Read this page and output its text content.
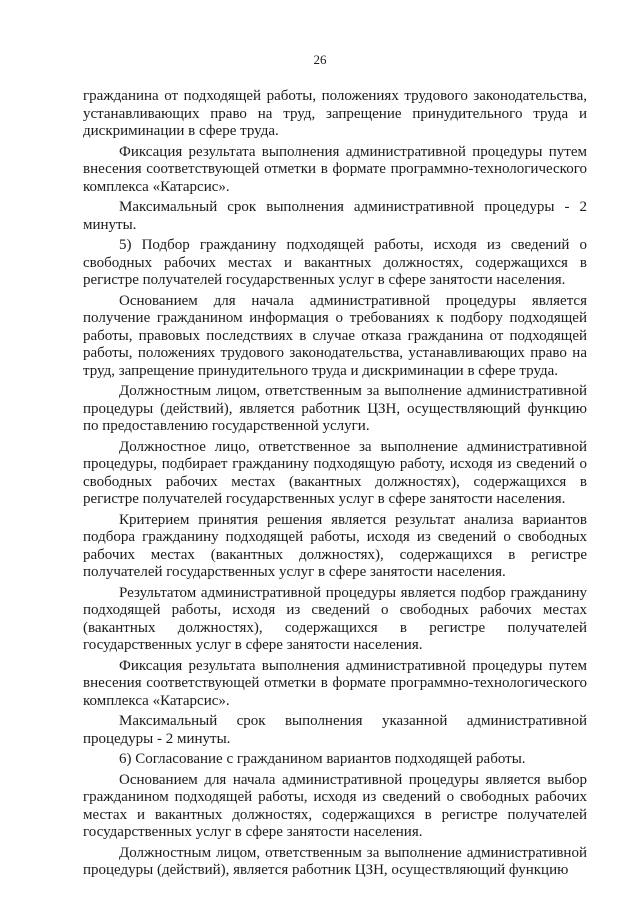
26

гражданина от подходящей работы, положениях трудового законодательства, устанавливающих право на труд, запрещение принудительного труда и дискриминации в сфере труда.

Фиксация результата выполнения административной процедуры путем внесения соответствующей отметки в формате программно-технологического комплекса «Катарсис».

Максимальный срок выполнения административной процедуры - 2 минуты.

5) Подбор гражданину подходящей работы, исходя из сведений о свободных рабочих местах и вакантных должностях, содержащихся в регистре получателей государственных услуг в сфере занятости населения.

Основанием для начала административной процедуры является получение гражданином информация о требованиях к подбору подходящей работы, правовых последствиях в случае отказа гражданина от подходящей работы, положениях трудового законодательства, устанавливающих право на труд, запрещение принудительного труда и дискриминации в сфере труда.

Должностным лицом, ответственным за выполнение административной процедуры (действий), является работник ЦЗН, осуществляющий функцию по предоставлению государственной услуги.

Должностное лицо, ответственное за выполнение административной процедуры, подбирает гражданину подходящую работу, исходя из сведений о свободных рабочих местах (вакантных должностях), содержащихся в регистре получателей государственных услуг в сфере занятости населения.

Критерием принятия решения является результат анализа вариантов подбора гражданину подходящей работы, исходя из сведений о свободных рабочих местах (вакантных должностях), содержащихся в регистре получателей государственных услуг в сфере занятости населения.

Результатом административной процедуры является подбор гражданину подходящей работы, исходя из сведений о свободных рабочих местах (вакантных должностях), содержащихся в регистре получателей государственных услуг в сфере занятости населения.

Фиксация результата выполнения административной процедуры путем внесения соответствующей отметки в формате программно-технологического комплекса «Катарсис».

Максимальный срок выполнения указанной административной процедуры - 2 минуты.

6) Согласование с гражданином вариантов подходящей работы.

Основанием для начала административной процедуры является выбор гражданином подходящей работы, исходя из сведений о свободных рабочих местах и вакантных должностях, содержащихся в регистре получателей государственных услуг в сфере занятости населения.

Должностным лицом, ответственным за выполнение административной процедуры (действий), является работник ЦЗН, осуществляющий функцию
